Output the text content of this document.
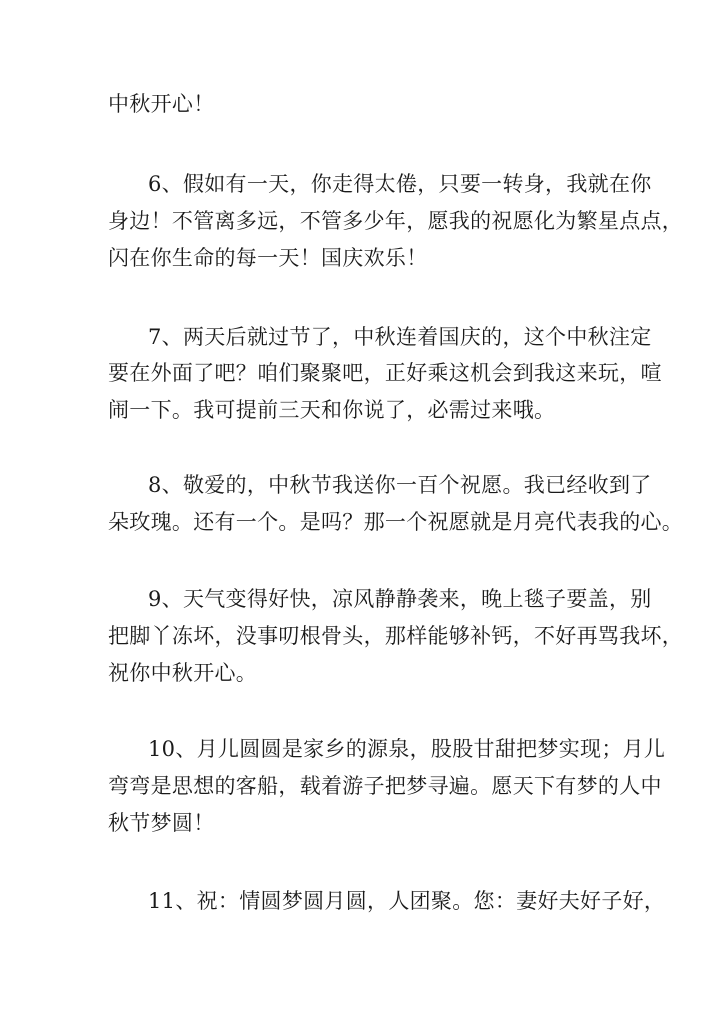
中秋开心！
6、假如有一天，你走得太倦，只要一转身，我就在你
身边！不管离多远，不管多少年，愿我的祝愿化为繁星点点，
闪在你生命的每一天！国庆欢乐！
7、两天后就过节了，中秋连着国庆的，这个中秋注定
要在外面了吧？咱们聚聚吧，正好乘这机会到我这来玩，喧
闹一下。我可提前三天和你说了，必需过来哦。
8、敬爱的，中秋节我送你一百个祝愿。我已经收到了
朵玫瑰。还有一个。是吗？那一个祝愿就是月亮代表我的心。
9、天气变得好快，凉风静静袭来，晚上毯子要盖，别
把脚丫冻坏，没事叨根骨头，那样能够补钙，不好再骂我坏，
祝你中秋开心。
10、月儿圆圆是家乡的源泉，股股甘甜把梦实现；月儿
弯弯是思想的客船，载着游子把梦寻遍。愿天下有梦的人中
秋节梦圆！
11、祝：情圆梦圆月圆，人团聚。您：妻好夫好子好，
